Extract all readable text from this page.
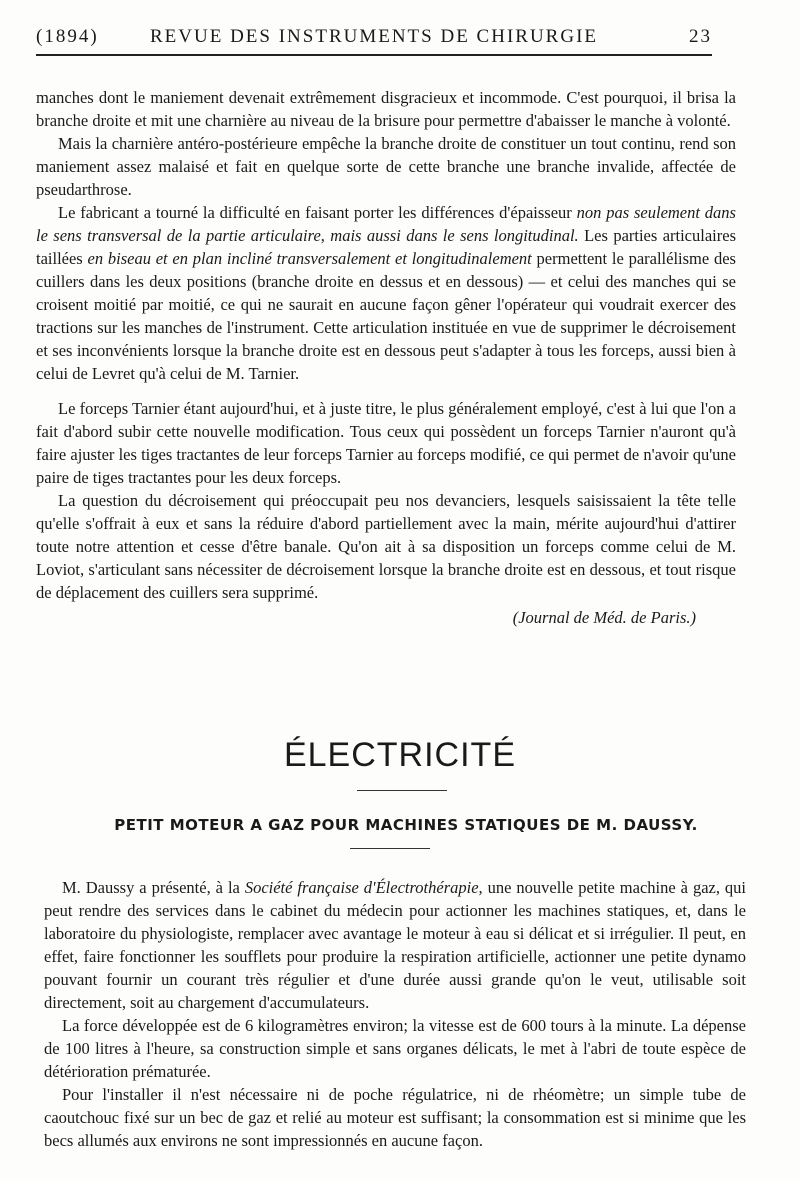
(1894)	REVUE DES INSTRUMENTS DE CHIRURGIE	23

manches dont le maniement devenait extrêmement disgracieux et incommode. C'est pourquoi, il brisa la branche droite et mit une charnière au niveau de la brisure pour permettre d'abaisser le manche à volonté.

Mais la charnière antéro-postérieure empêche la branche droite de constituer un tout continu, rend son maniement assez malaisé et fait en quelque sorte de cette branche une branche invalide, affectée de pseudarthrose.

Le fabricant a tourné la difficulté en faisant porter les différences d'épaisseur non pas seulement dans le sens transversal de la partie articulaire, mais aussi dans le sens longitudinal. Les parties articulaires taillées en biseau et en plan incliné transversalement et longitudinalement permettent le parallélisme des cuillers dans les deux positions (branche droite en dessus et en dessous) — et celui des manches qui se croisent moitié par moitié, ce qui ne saurait en aucune façon gêner l'opérateur qui voudrait exercer des tractions sur les manches de l'instrument. Cette articulation instituée en vue de supprimer le décroisement et ses inconvénients lorsque la branche droite est en dessous peut s'adapter à tous les forceps, aussi bien à celui de Levret qu'à celui de M. Tarnier.

Le forceps Tarnier étant aujourd'hui, et à juste titre, le plus généralement employé, c'est à lui que l'on a fait d'abord subir cette nouvelle modification. Tous ceux qui possèdent un forceps Tarnier n'auront qu'à faire ajuster les tiges tractantes de leur forceps Tarnier au forceps modifié, ce qui permet de n'avoir qu'une paire de tiges tractantes pour les deux forceps.

La question du décroisement qui préoccupait peu nos devanciers, lesquels saisissaient la tête telle qu'elle s'offrait à eux et sans la réduire d'abord partiellement avec la main, mérite aujourd'hui d'attirer toute notre attention et cesse d'être banale. Qu'on ait à sa disposition un forceps comme celui de M. Loviot, s'articulant sans nécessiter de décroisement lorsque la branche droite est en dessous, et tout risque de déplacement des cuillers sera supprimé.

(Journal de Méd. de Paris.)
ÉLECTRICITÉ
PETIT MOTEUR A GAZ POUR MACHINES STATIQUES DE M. DAUSSY.

M. Daussy a présenté, à la Société française d'Électrothérapie, une nouvelle petite machine à gaz, qui peut rendre des services dans le cabinet du médecin pour actionner les machines statiques, et, dans le laboratoire du physiologiste, remplacer avec avantage le moteur à eau si délicat et si irrégulier. Il peut, en effet, faire fonctionner les soufflets pour produire la respiration artificielle, actionner une petite dynamo pouvant fournir un courant très régulier et d'une durée aussi grande qu'on le veut, utilisable soit directement, soit au chargement d'accumulateurs.

La force développée est de 6 kilogramètres environ; la vitesse est de 600 tours à la minute. La dépense de 100 litres à l'heure, sa construction simple et sans organes délicats, le met à l'abri de toute espèce de détérioration prématurée.

Pour l'installer il n'est nécessaire ni de poche régulatrice, ni de rhéomètre; un simple tube de caoutchouc fixé sur un bec de gaz et relié au moteur est suffisant; la consommation est si minime que les becs allumés aux environs ne sont impressionnés en aucune façon.
